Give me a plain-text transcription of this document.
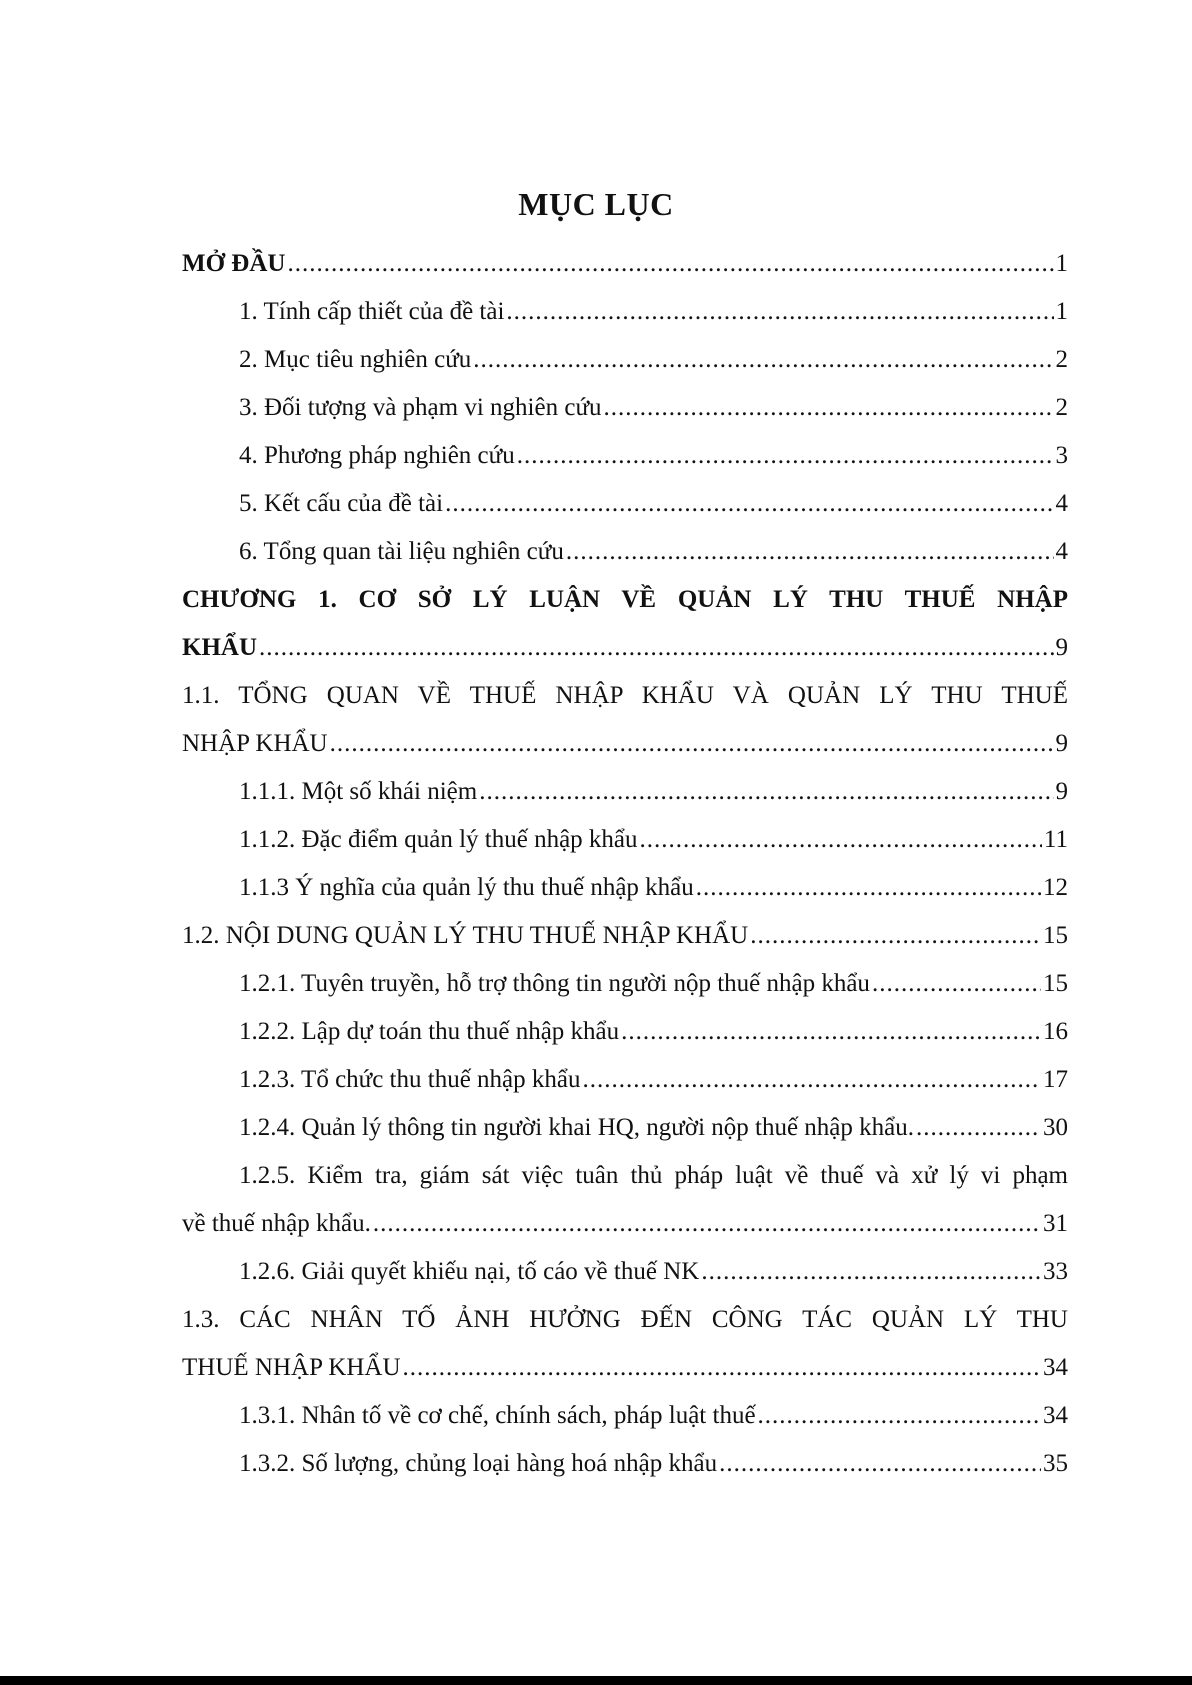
MỤC LỤC
MỞ ĐẦU .....	1
1. Tính cấp thiết của đề tài .....	1
2. Mục tiêu nghiên cứu .....	2
3. Đối tượng và phạm vi nghiên cứu .....	2
4. Phương pháp nghiên cứu .....	3
5. Kết cấu của đề tài .....	4
6. Tổng quan tài liệu nghiên cứu .....	4
CHƯƠNG 1. CƠ SỞ LÝ LUẬN VỀ QUẢN LÝ THU THUẾ NHẬP
KHẨU .....	9
1.1. TỔNG QUAN VỀ THUẾ NHẬP KHẨU VÀ QUẢN LÝ THU THUẾ
NHẬP KHẨU .....	9
1.1.1. Một số khái niệm .....	9
1.1.2. Đặc điểm quản lý thuế nhập khẩu .....	11
1.1.3 Ý nghĩa của quản lý thu thuế nhập khẩu .....	12
1.2. NỘI DUNG QUẢN LÝ THU THUẾ NHẬP KHẨU .....	15
1.2.1. Tuyên truyền, hỗ trợ thông tin người nộp thuế nhập khẩu .....	15
1.2.2. Lập dự toán thu thuế nhập khẩu .....	16
1.2.3. Tổ chức thu thuế nhập khẩu .....	17
1.2.4. Quản lý thông tin người khai HQ, người nộp thuế nhập khẩu. .....	30
1.2.5. Kiểm tra, giám sát việc tuân thủ pháp luật về thuế và xử lý vi phạm
về thuế nhập khẩu. .....	31
1.2.6. Giải quyết khiếu nại, tố cáo về thuế NK .....	33
1.3. CÁC NHÂN TỐ ẢNH HƯỞNG ĐẾN CÔNG TÁC QUẢN LÝ THU
THUẾ NHẬP KHẨU .....	34
1.3.1. Nhân tố về cơ chế, chính sách, pháp luật thuế .....	34
1.3.2. Số lượng, chủng loại hàng hoá nhập khẩu .....	35
